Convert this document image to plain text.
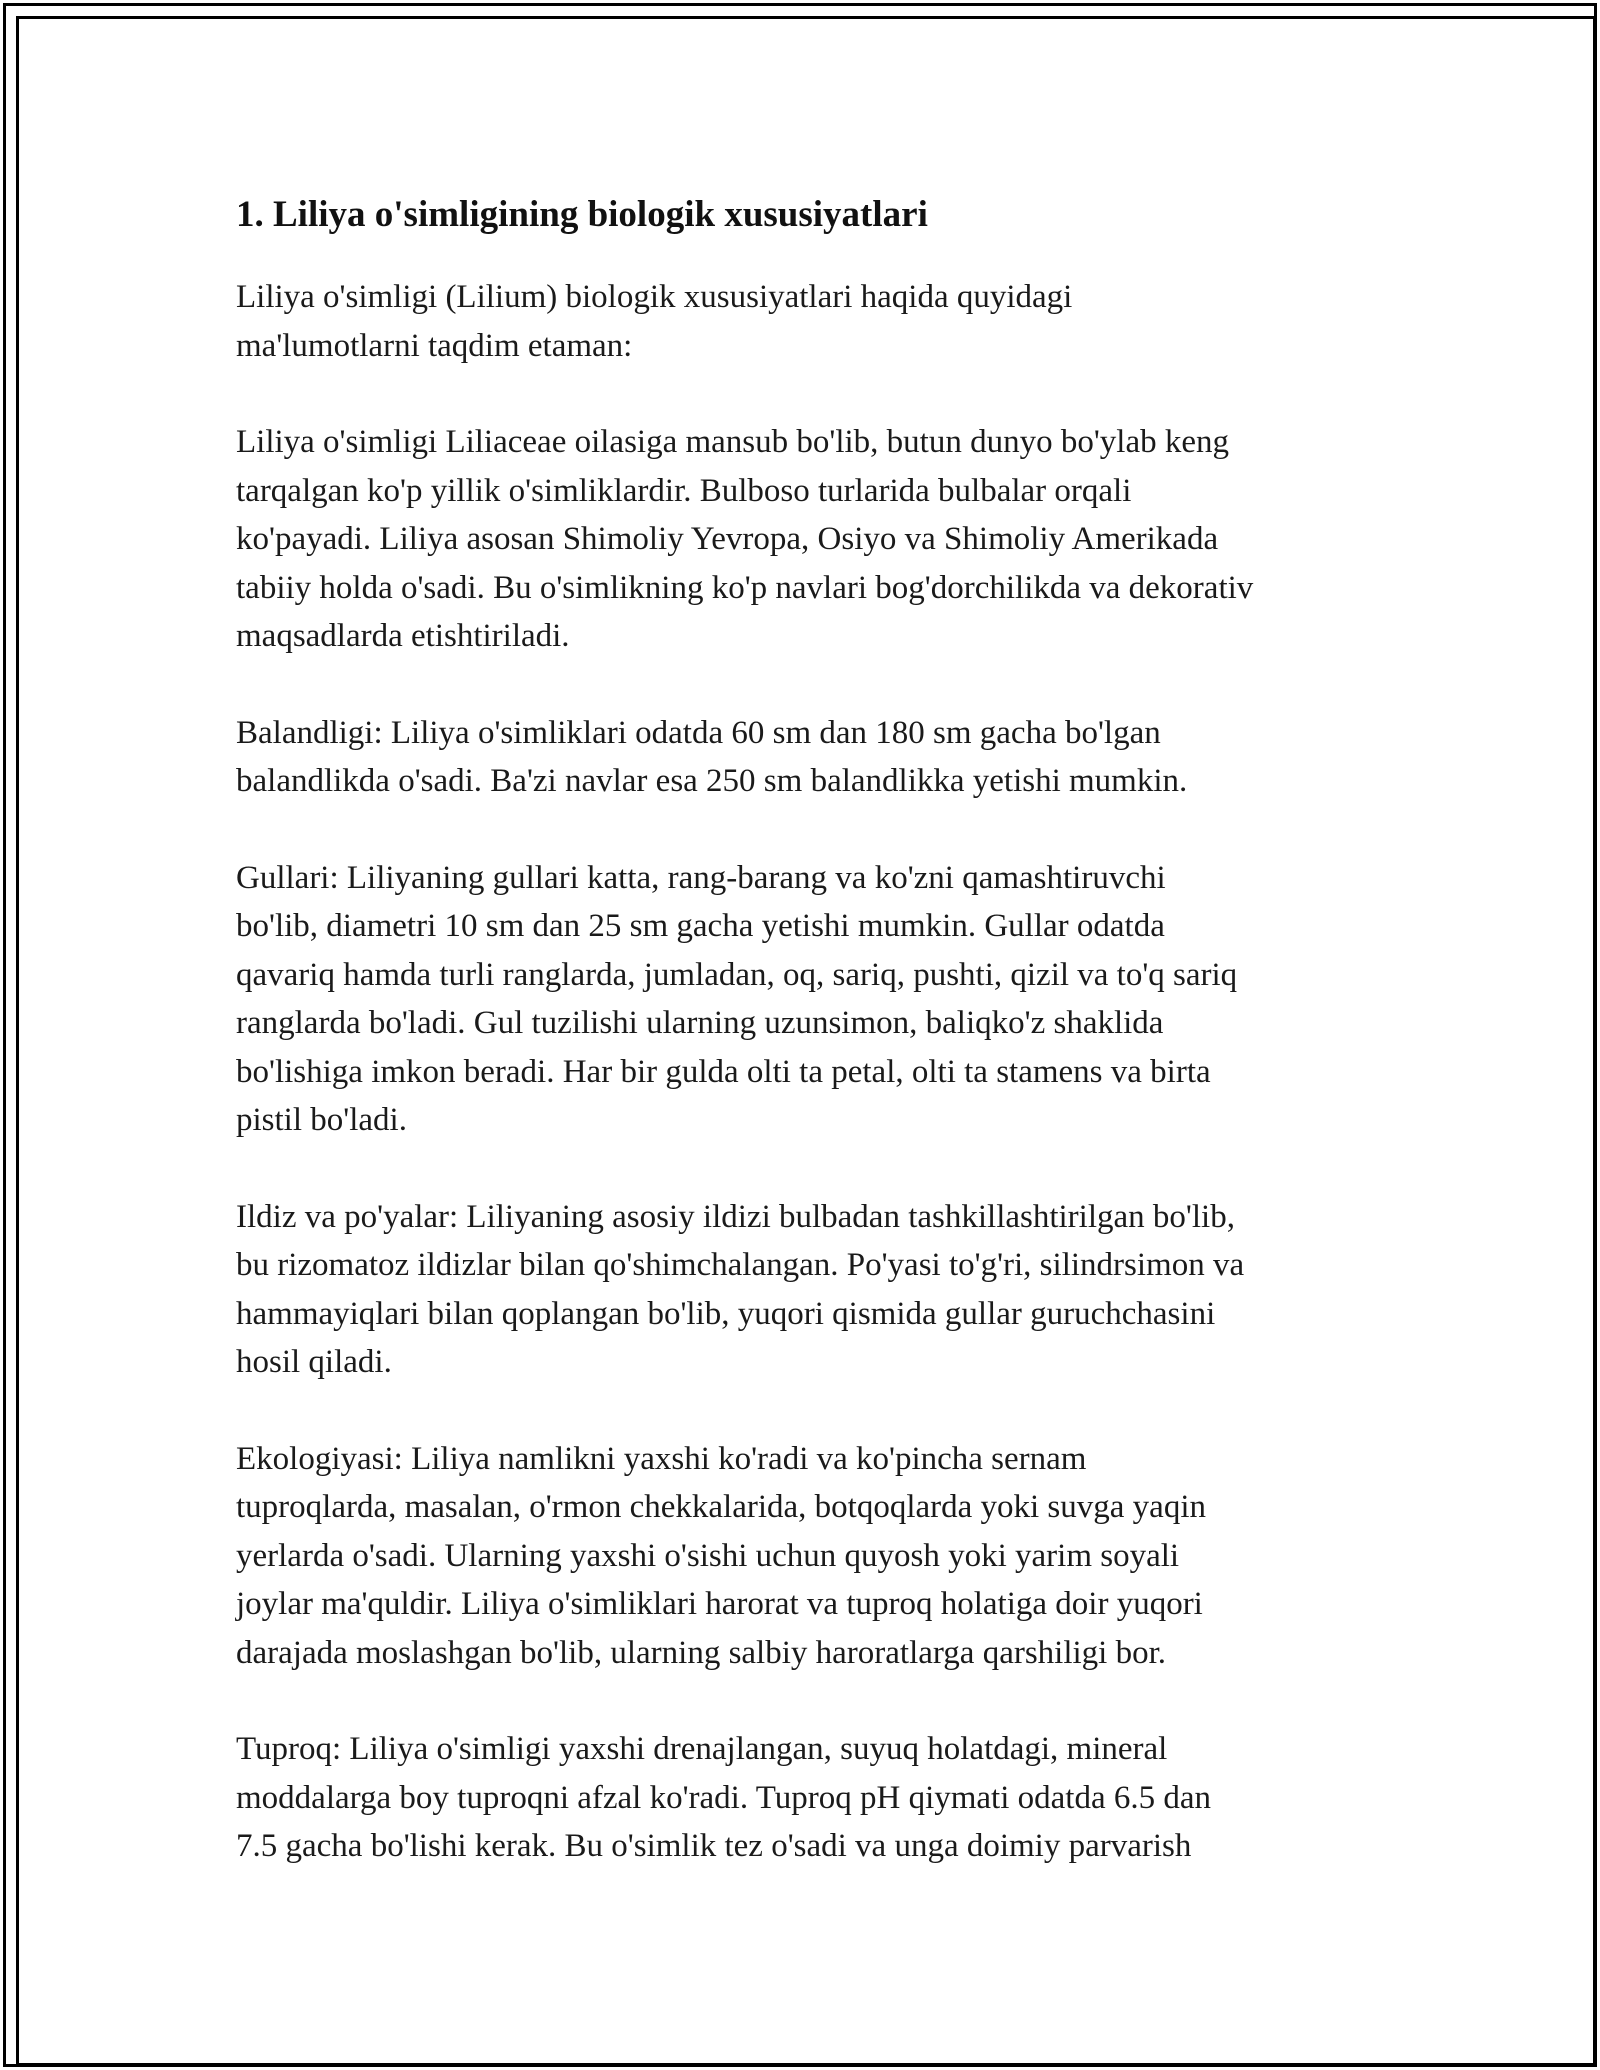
1. Liliya o'simligining biologik xususiyatlari

Liliya o'simligi (Lilium) biologik xususiyatlari haqida quyidagi
ma'lumotlarni taqdim etaman:

Liliya o'simligi Liliaceae oilasiga mansub bo'lib, butun dunyo bo'ylab keng
tarqalgan ko'p yillik o'simliklardir. Bulboso turlarida bulbalar orqali
ko'payadi. Liliya asosan Shimoliy Yevropa, Osiyo va Shimoliy Amerikada
tabiiy holda o'sadi. Bu o'simlikning ko'p navlari bog'dorchilikda va dekorativ
maqsadlarda etishtiriladi.

Balandligi: Liliya o'simliklari odatda 60 sm dan 180 sm gacha bo'lgan
balandlikda o'sadi. Ba'zi navlar esa 250 sm balandlikka yetishi mumkin.

Gullari: Liliyaning gullari katta, rang-barang va ko'zni qamashtiruvchi
bo'lib, diametri 10 sm dan 25 sm gacha yetishi mumkin. Gullar odatda
qavariq hamda turli ranglarda, jumladan, oq, sariq, pushti, qizil va to'q sariq
ranglarda bo'ladi. Gul tuzilishi ularning uzunsimon, baliqko'z shaklida
bo'lishiga imkon beradi. Har bir gulda olti ta petal, olti ta stamens va birta
pistil bo'ladi.

Ildiz va po'yalar: Liliyaning asosiy ildizi bulbadan tashkillashtirilgan bo'lib,
bu rizomatoz ildizlar bilan qo'shimchalangan. Po'yasi to'g'ri, silindrsimon va
hammayiqlari bilan qoplangan bo'lib, yuqori qismida gullar guruchchasini
hosil qiladi.

Ekologiyasi: Liliya namlikni yaxshi ko'radi va ko'pincha sernam
tuproqlarda, masalan, o'rmon chekkalarida, botqoqlarda yoki suvga yaqin
yerlarda o'sadi. Ularning yaxshi o'sishi uchun quyosh yoki yarim soyali
joylar ma'quldir. Liliya o'simliklari harorat va tuproq holatiga doir yuqori
darajada moslashgan bo'lib, ularning salbiy haroratlarga qarshiligi bor.

Tuproq: Liliya o'simligi yaxshi drenajlangan, suyuq holatdagi, mineral
moddalarga boy tuproqni afzal ko'radi. Tuproq pH qiymati odatda 6.5 dan
7.5 gacha bo'lishi kerak. Bu o'simlik tez o'sadi va unga doimiy parvarish
